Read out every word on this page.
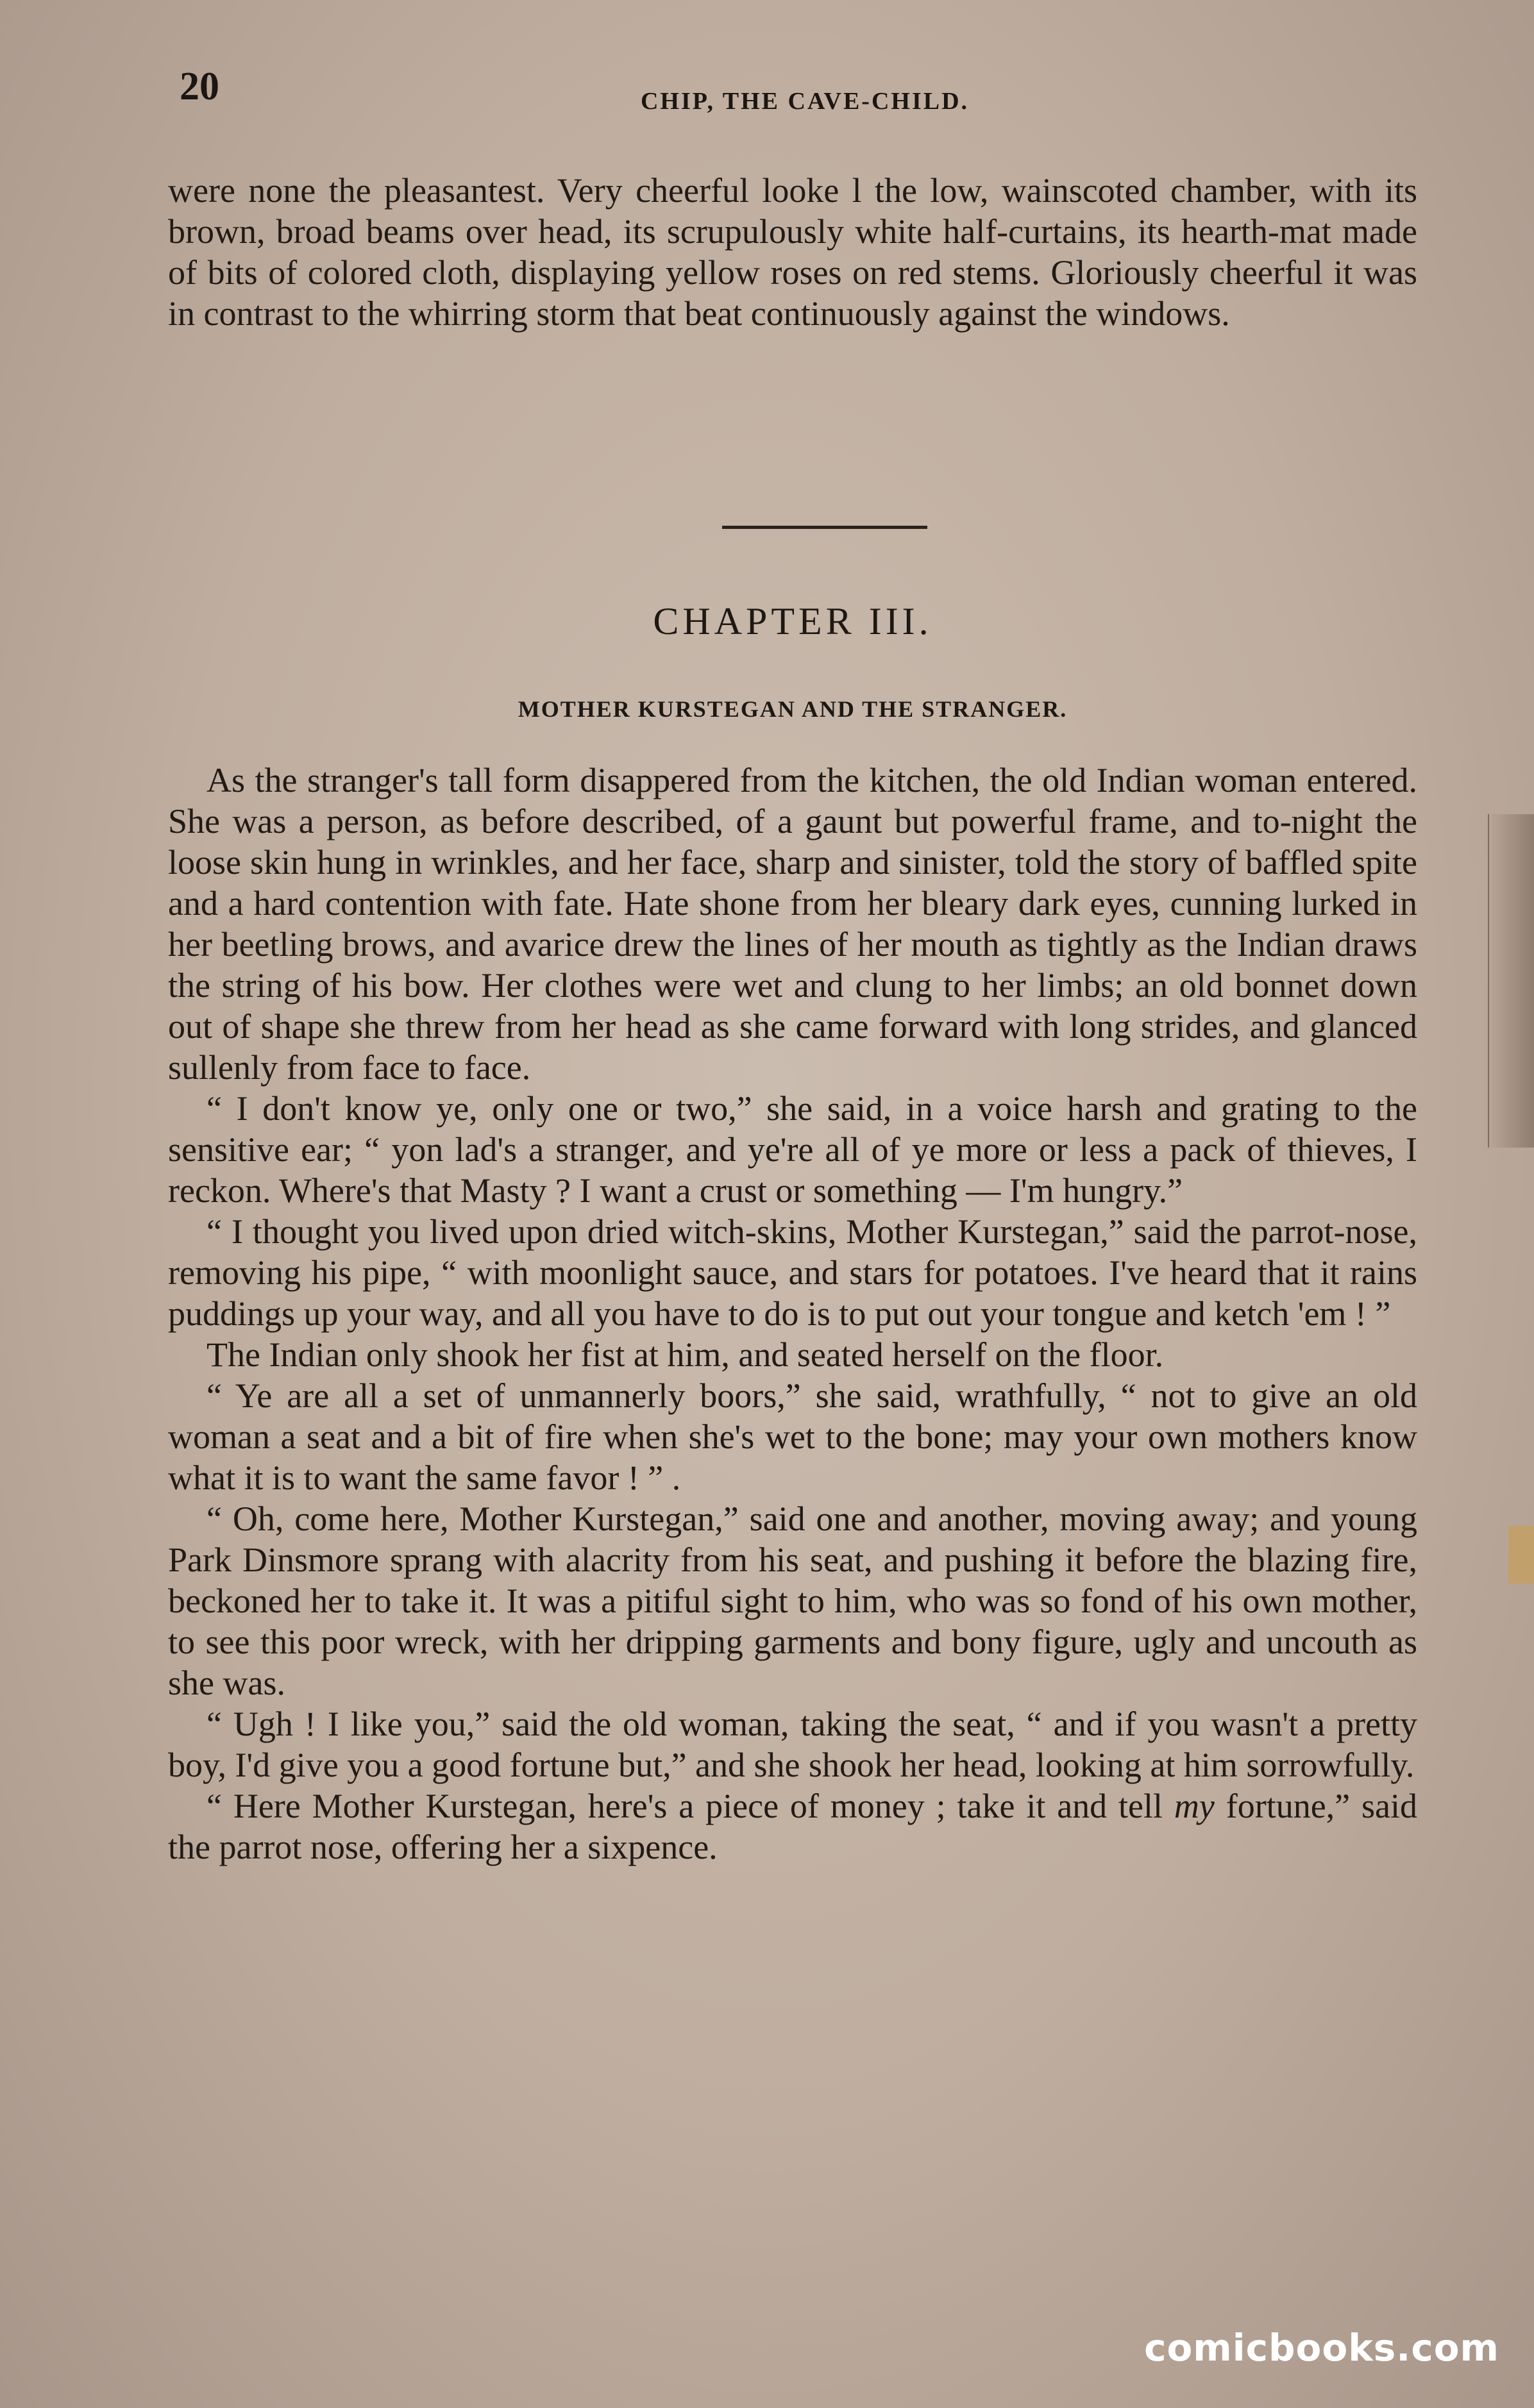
20	CHIP, THE CAVE-CHILD.

were none the pleasantest. Very cheerful looke l the low, wainscoted chamber, with its brown, broad beams over head, its scrupulously white half-curtains, its hearth-mat made of bits of colored cloth, displaying yellow roses on red stems. Gloriously cheerful it was in contrast to the whirring storm that beat continuously against the windows.

CHAPTER III.
MOTHER KURSTEGAN AND THE STRANGER.

As the stranger's tall form disappered from the kitchen, the old Indian woman entered. She was a person, as before described, of a gaunt but powerful frame, and to-night the loose skin hung in wrinkles, and her face, sharp and sinister, told the story of baffled spite and a hard contention with fate. Hate shone from her bleary dark eyes, cunning lurked in her beetling brows, and avarice drew the lines of her mouth as tightly as the Indian draws the string of his bow. Her clothes were wet and clung to her limbs; an old bonnet down out of shape she threw from her head as she came forward with long strides, and glanced sullenly from face to face.

“ I don't know ye, only one or two,” she said, in a voice harsh and grating to the sensitive ear; “ yon lad's a stranger, and ye're all of ye more or less a pack of thieves, I reckon. Where's that Masty ? I want a crust or something — I'm hungry.”

“ I thought you lived upon dried witch-skins, Mother Kurstegan,” said the parrot-nose, removing his pipe, “ with moonlight sauce, and stars for potatoes. I've heard that it rains puddings up your way, and all you have to do is to put out your tongue and ketch 'em ! ”

The Indian only shook her fist at him, and seated herself on the floor.

“ Ye are all a set of unmannerly boors,” she said, wrathfully, “ not to give an old woman a seat and a bit of fire when she's wet to the bone; may your own mothers know what it is to want the same favor ! ” .

“ Oh, come here, Mother Kurstegan,” said one and another, moving away; and young Park Dinsmore sprang with alacrity from his seat, and pushing it before the blazing fire, beckoned her to take it. It was a pitiful sight to him, who was so fond of his own mother, to see this poor wreck, with her dripping garments and bony figure, ugly and uncouth as she was.

“ Ugh ! I like you,” said the old woman, taking the seat, “ and if you wasn't a pretty boy, I'd give you a good fortune but,” and she shook her head, looking at him sorrowfully.

“ Here Mother Kurstegan, here's a piece of money ; take it and tell my fortune,” said the parrot nose, offering her a sixpence.

comicbooks.com
